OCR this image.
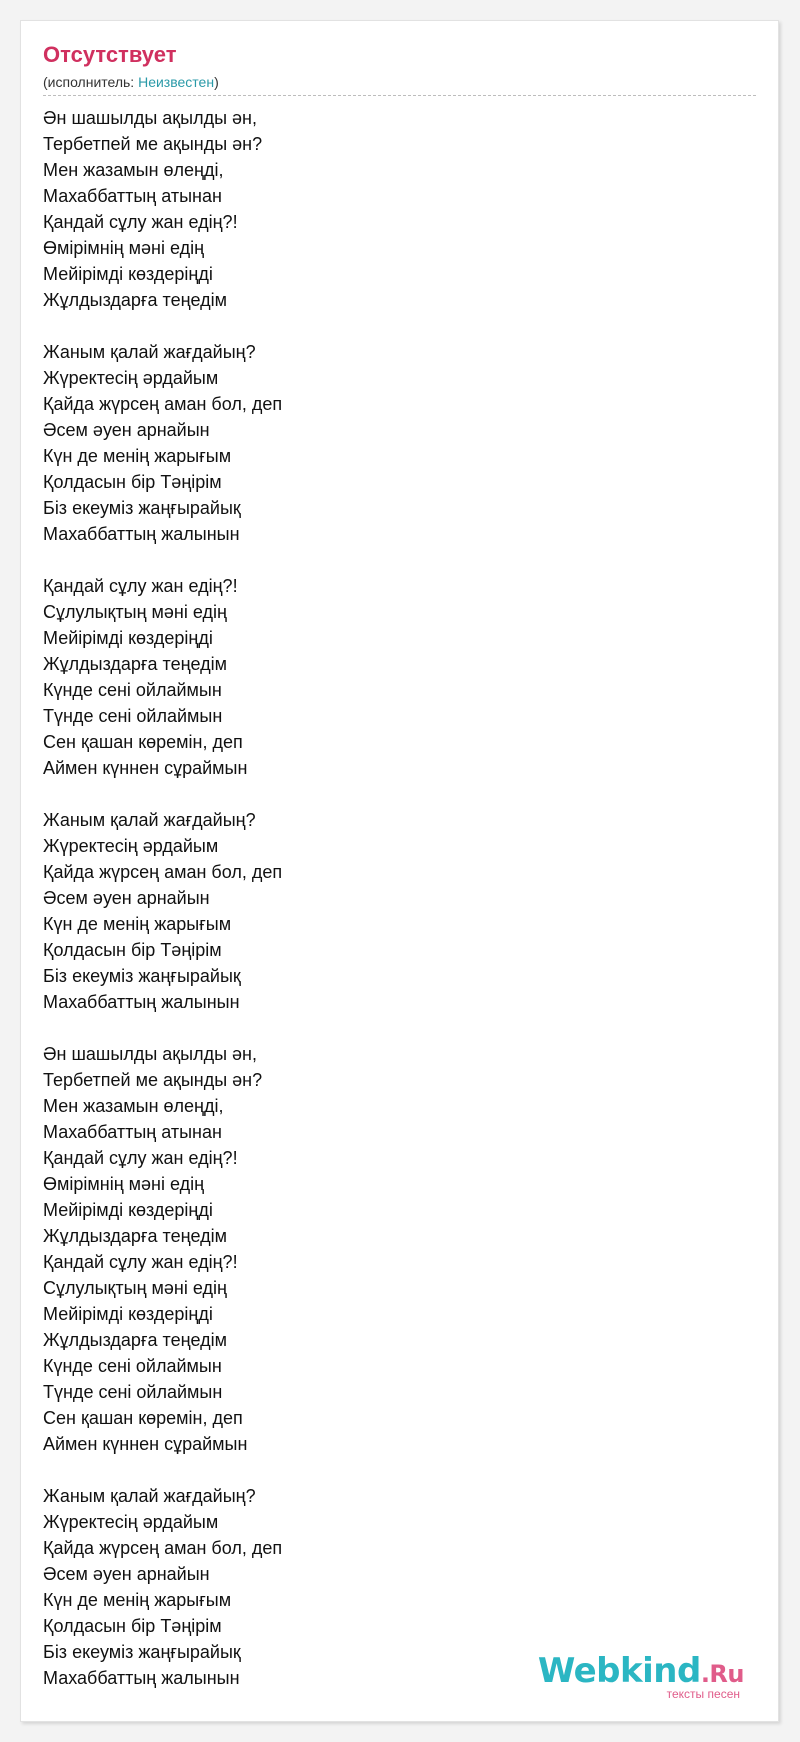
Отсутствует
(исполнитель: Неизвестен)
Ән шашылды ақылды ән,
Тербетпей ме ақынды ән?
Мен жазамын өлеңді,
Махаббаттың атынан
Қандай сұлу жан едің?!
Өмірімнің мәні едің
Мейірімді көздеріңді
Жұлдыздарға теңедім
Жаным қалай жағдайың?
Жүректесің әрдайым
Қайда жүрсең аман бол, деп
Әсем әуен арнайын
Күн де менің жарығым
Қолдасын бір Тәңірім
Біз екеуміз жаңғырайық
Махаббаттың жалынын
Қандай сұлу жан едің?!
Сұлулықтың мәні едің
Мейірімді көздеріңді
Жұлдыздарға теңедім
Күнде сені ойлаймын
Түнде сені ойлаймын
Сен қашан көремін, деп
Аймен күннен сұраймын
Жаным қалай жағдайың?
Жүректесің әрдайым
Қайда жүрсең аман бол, деп
Әсем әуен арнайын
Күн де менің жарығым
Қолдасын бір Тәңірім
Біз екеуміз жаңғырайық
Махаббаттың жалынын
Ән шашылды ақылды ән,
Тербетпей ме ақынды ән?
Мен жазамын өлеңді,
Махаббаттың атынан
Қандай сұлу жан едің?!
Өмірімнің мәні едің
Мейірімді көздеріңді
Жұлдыздарға теңедім
Қандай сұлу жан едің?!
Сұлулықтың мәні едің
Мейірімді көздеріңді
Жұлдыздарға теңедім
Күнде сені ойлаймын
Түнде сені ойлаймын
Сен қашан көремін, деп
Аймен күннен сұраймын
Жаным қалай жағдайың?
Жүректесің әрдайым
Қайда жүрсең аман бол, деп
Әсем әуен арнайын
Күн де менің жарығым
Қолдасын бір Тәңірім
Біз екеуміз жаңғырайық
Махаббаттың жалынын	Webkind.Ru
тексты песен
